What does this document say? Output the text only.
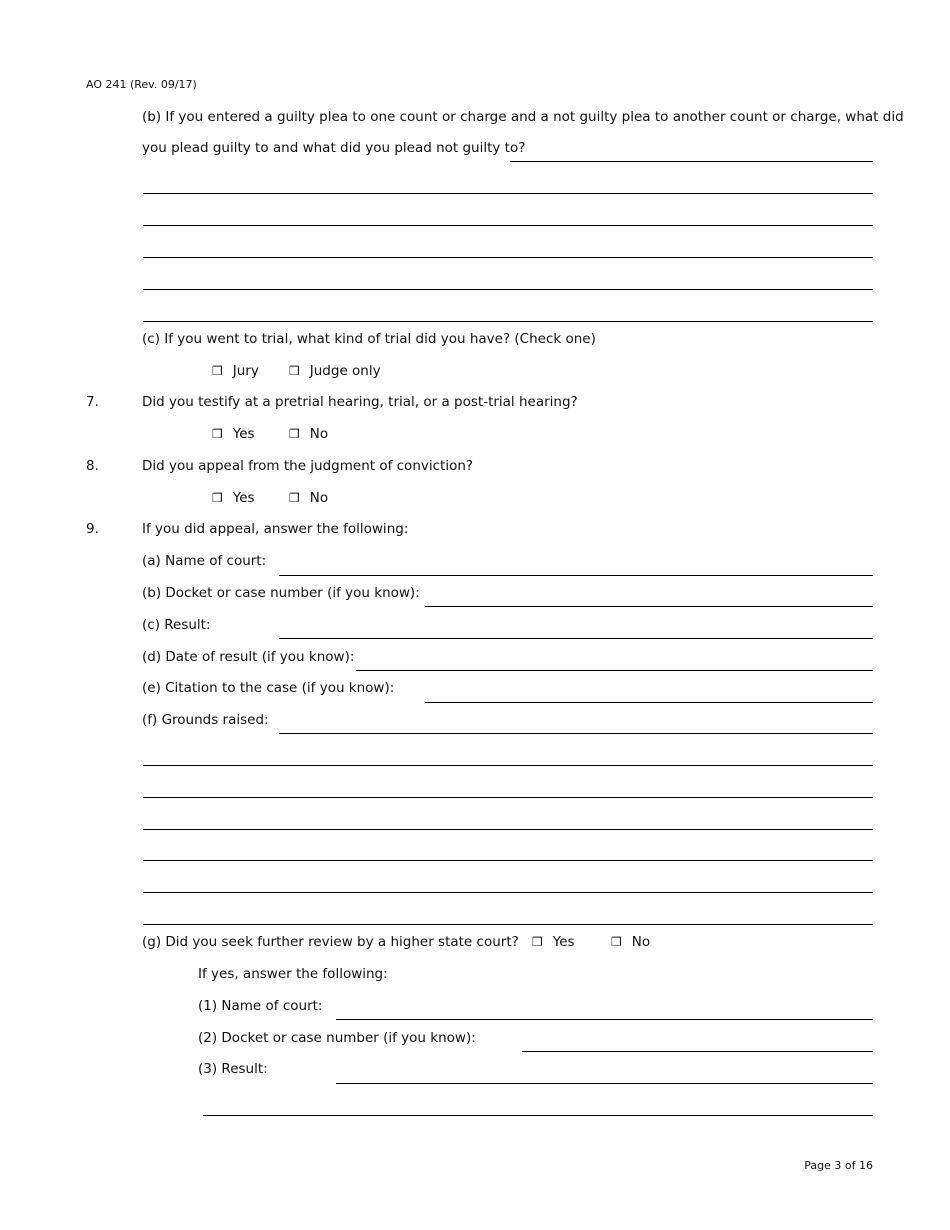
AO 241 (Rev. 09/17)
(b) If you entered a guilty plea to one count or charge and a not guilty plea to another count or charge, what did
you plead guilty to and what did you plead not guilty to?
(c) If you went to trial, what kind of trial did you have? (Check one)
❒ Jury	❒ Judge only
7.	Did you testify at a pretrial hearing, trial, or a post-trial hearing?
❒ Yes	❒ No
8.	Did you appeal from the judgment of conviction?
❒ Yes	❒ No
9.	If you did appeal, answer the following:
(a) Name of court:
(b) Docket or case number (if you know):
(c) Result:
(d) Date of result (if you know):
(e) Citation to the case (if you know):
(f) Grounds raised:
(g) Did you seek further review by a higher state court? ❒ Yes	❒ No
If yes, answer the following:
(1) Name of court:
(2) Docket or case number (if you know):
(3) Result:
Page 3 of 16
